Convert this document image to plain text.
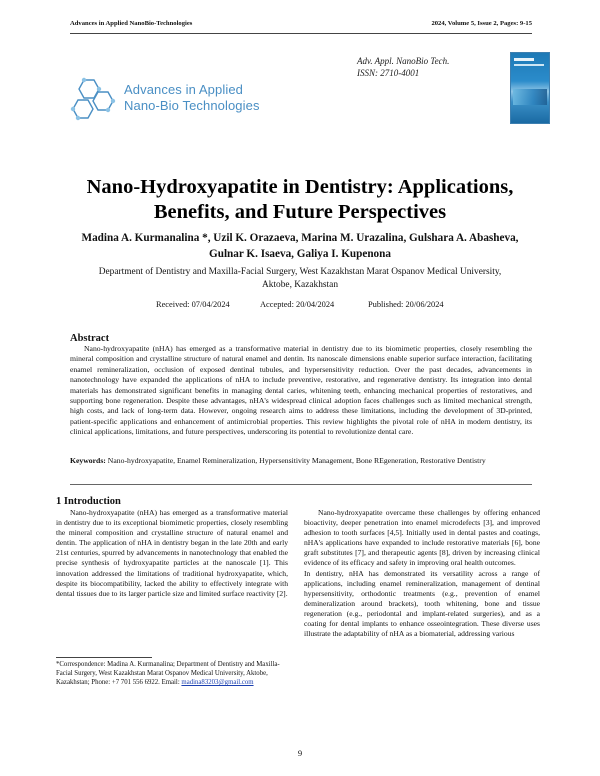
Advances in Applied NanoBio-Technologies	2024, Volume 5, Issue 2, Pages: 9-15
Advances in Applied
Nano-Bio Technologies
Adv. Appl. NanoBio Tech.
ISSN: 2710-4001
Nano-Hydroxyapatite in Dentistry: Applications, Benefits, and Future Perspectives
Madina A. Kurmanalina *, Uzil K. Orazaeva, Marina M. Urazalina, Gulshara A. Abasheva, Gulnar K. Isaeva, Galiya I. Kupenona
Department of Dentistry and Maxilla-Facial Surgery, West Kazakhstan Marat Ospanov Medical University, Aktobe, Kazakhstan
Received: 07/04/2024	Accepted: 20/04/2024	Published: 20/06/2024
Abstract

Nano-hydroxyapatite (nHA) has emerged as a transformative material in dentistry due to its biomimetic properties, closely resembling the mineral composition and crystalline structure of natural enamel and dentin. Its nanoscale dimensions enable superior surface interaction, facilitating enamel remineralization, occlusion of exposed dentinal tubules, and hypersensitivity reduction. Over the past decades, advancements in nanotechnology have expanded the applications of nHA to include preventive, restorative, and regenerative dentistry. Its integration into dental materials has demonstrated significant benefits in managing dental caries, whitening teeth, enhancing mechanical properties of restoratives, and supporting bone regeneration. Despite these advantages, nHA's widespread clinical adoption faces challenges such as limited mechanical strength, high costs, and lack of long-term data. However, ongoing research aims to address these limitations, including the development of 3D-printed, patient-specific applications and enhancement of antimicrobial properties. This review highlights the pivotal role of nHA in modern dentistry, its clinical applications, limitations, and future perspectives, underscoring its potential to revolutionize dental care.

Keywords: Nano-hydroxyapatite, Enamel Remineralization, Hypersensitivity Management, Bone REgeneration, Restorative Dentistry
1 Introduction

Nano-hydroxyapatite (nHA) has emerged as a transformative material in dentistry due to its exceptional biomimetic properties, closely resembling the mineral composition and crystalline structure of natural enamel and dentin. The application of nHA in dentistry began in the late 20th and early 21st centuries, spurred by advancements in nanotechnology that enabled the precise synthesis of hydroxyapatite particles at the nanoscale [1]. This innovation addressed the limitations of traditional hydroxyapatite, which, despite its biocompatibility, lacked the ability to effectively integrate with dental tissues due to its larger particle size and limited surface reactivity [2].

Nano-hydroxyapatite overcame these challenges by offering enhanced bioactivity, deeper penetration into enamel microdefects [3], and improved adhesion to tooth surfaces [4,5]. Initially used in dental pastes and coatings, nHA's applications have expanded to include restorative materials [6], bone graft substitutes [7], and therapeutic agents [8], driven by increasing clinical evidence of its efficacy and safety in improving oral health outcomes.

In dentistry, nHA has demonstrated its versatility across a range of applications, including enamel remineralization, management of dentinal hypersensitivity, orthodontic treatments (e.g., prevention of enamel demineralization around brackets), tooth whitening, bone and tissue regeneration (e.g., periodontal and implant-related surgeries), and as a coating for dental implants to enhance osseointegration. These diverse uses illustrate the adaptability of nHA as a biomaterial, addressing various

*Correspondence: Madina A. Kurmanalina; Department of Dentistry and Maxilla-Facial Surgery, West Kazakhstan Marat Ospanov Medical University, Aktobe, Kazakhstan; Phone: +7 701 556 6922. Email: madina83203@gmail.com
9
